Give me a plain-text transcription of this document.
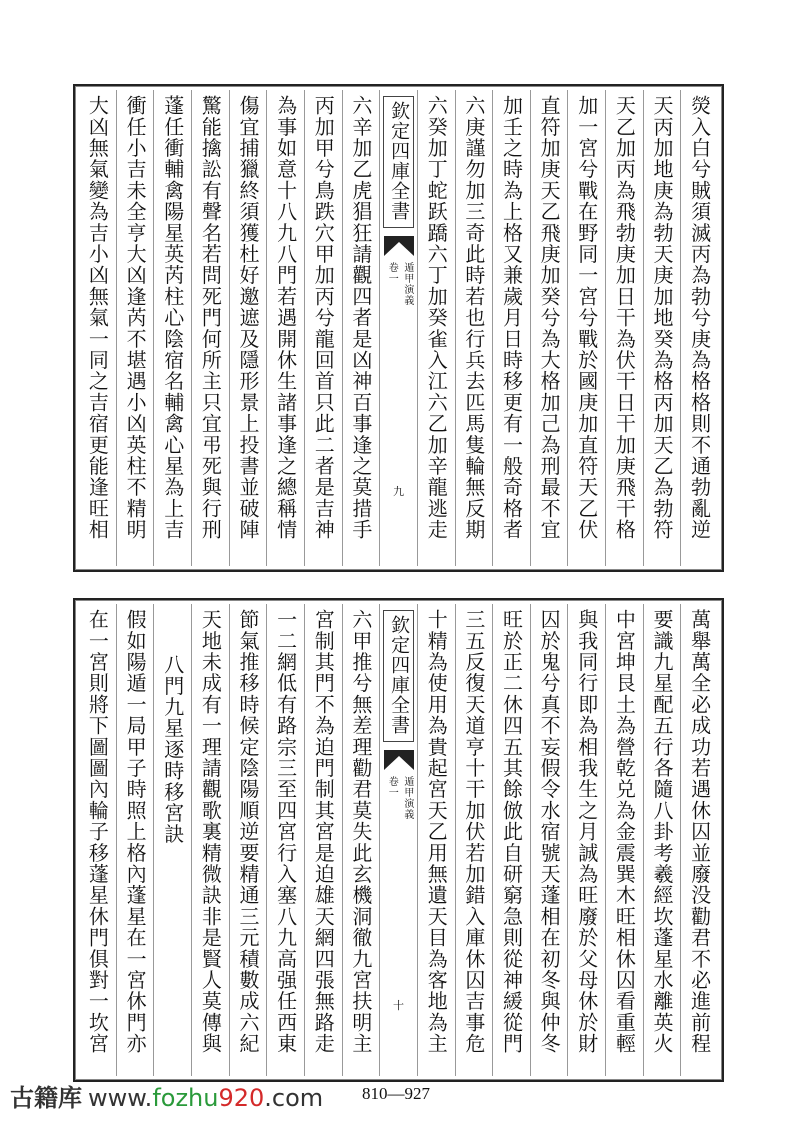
熒入白兮賊須滅丙為勃兮庚為格格則不通勃亂逆
天丙加地庚為勃天庚加地癸為格丙加天乙為勃符
天乙加丙為飛勃庚加日干為伏干日干加庚飛干格
加一宮兮戰在野同一宮兮戰於國庚加直符天乙伏
直符加庚天乙飛庚加癸兮為大格加己為刑最不宜
加壬之時為上格又兼歲月日時移更有一般奇格者
六庚謹勿加三奇此時若也行兵去匹馬隻輪無反期
六癸加丁蛇跃蹻六丁加癸雀入江六乙加辛龍逃走
欽定四庫全書
遁甲演義
卷一
九
六辛加乙虎猖狂請觀四者是凶神百事逢之莫措手
丙加甲兮鳥跌穴甲加丙兮龍回首只此二者是吉神
為事如意十八九八門若遇開休生諸事逢之總稱情
傷宜捕獵終須獲杜好邀遮及隱形景上投書並破陣
驚能擒訟有聲名若問死門何所主只宜弔死與行刑
蓬任衝輔禽陽星英芮柱心陰宿名輔禽心星為上吉
衝任小吉未全亨大凶逢芮不堪遇小凶英柱不精明
大凶無氣變為吉小凶無氣一同之吉宿更能逢旺相
萬舉萬全必成功若遇休囚並廢没勸君不必進前程
要識九星配五行各隨八卦考羲經坎蓬星水離英火
中宮坤艮土為營乾兑為金震巽木旺相休囚看重輕
與我同行即為相我生之月誠為旺廢於父母休於財
囚於鬼兮真不妄假令水宿號天蓬相在初冬與仲冬
旺於正二休四五其餘倣此自研窮急則從神緩從門
三五反復天道亨十干加伏若加錯入庫休囚吉事危
十精為使用為貴起宮天乙用無遺天目為客地為主
欽定四庫全書
遁甲演義
卷一
十
六甲推兮無差理勸君莫失此玄機洞徹九宮扶明主
宮制其門不為迫門制其宮是迫雄天網四張無路走
一二網低有路宗三至四宮行入塞八九高强任西東
節氣推移時候定陰陽順逆要精通三元積數成六紀
天地未成有一理請觀歌裏精微訣非是賢人莫傳與
八門九星逐時移宮訣
假如陽遁一局甲子時照上格內蓬星在一宮休門亦
在一宮則將下圖圖內輪子移蓬星休門俱對一坎宮
古籍库 www.fozhu920.com 810—927
